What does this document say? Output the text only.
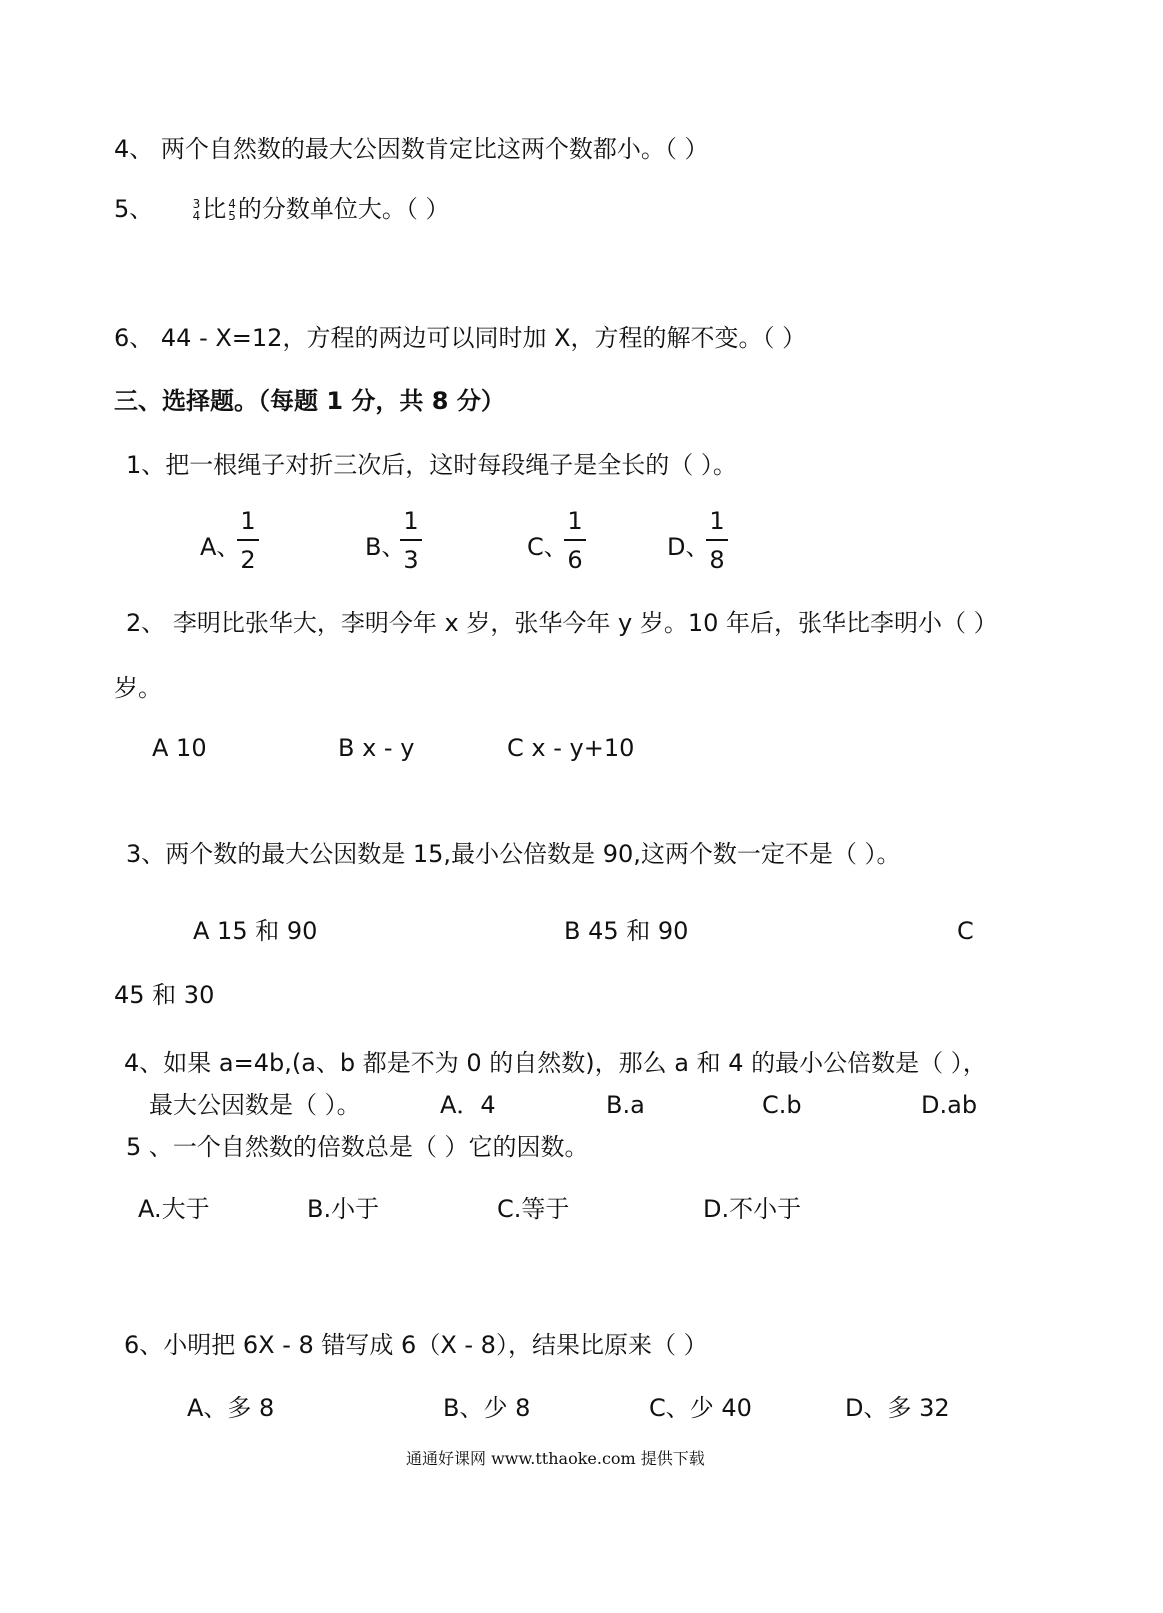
4、 两个自然数的最大公因数肯定比这两个数都小。（ ）
5、	3
4 比 4
5 的分数单位大。（ ）
6、 44 - X=12，方程的两边可以同时加 X，方程的解不变。（ ）
三、选择题。（每题 1 分，共 8 分）
1、把一根绳子对折三次后，这时每段绳子是全长的（ ）。
A、
1
2	B、
1
3	C、
1
6	D、
1
8
2、 李明比张华大，李明今年 x 岁，张华今年 y 岁。10 年后，张华比李明小（ ）
岁。
A 10	B x - y	C x - y+10
3、两个数的最大公因数是 15,最小公倍数是 90,这两个数一定不是（ ）。
A 15 和 90	B 45 和 90	C
45 和 30
4、如果 a=4b,(a、b 都是不为 0 的自然数)，那么 a 和 4 的最小公倍数是（ ），
最大公因数是（ ）。	A．4	B.a	C.b	D.ab
5 、一个自然数的倍数总是（ ）它的因数。
A.大于	B.小于	C.等于	D.不小于
6、小明把 6X - 8 错写成 6（X - 8），结果比原来（ ）
A、多 8	B、少 8	C、少 40	D、多 32
通通好课网 www.tthaoke.com 提供下载
